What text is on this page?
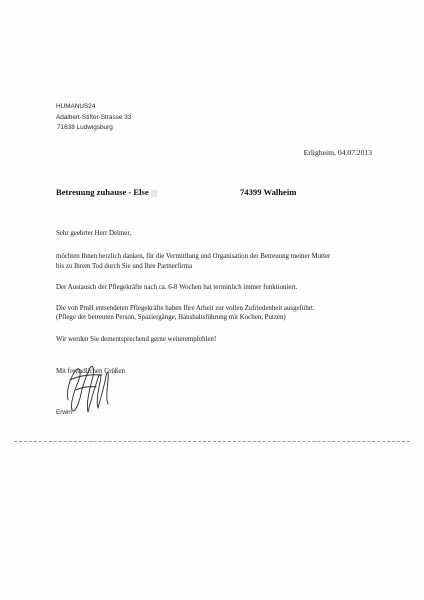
HUMANUS24
Adalbert-Stifter-Strasse 33
71638 Ludwigsburg
Erligheim, 04.07.2013
Betreuung zuhause - Else	74399 Walheim

Sehr geehrter Herr Delmer,

möchten Ihnen herzlich danken, für die Vermittlung und Organisation der Betreuung meiner Mutter

bis zu Ihrem Tod durch Sie und Ihre Partnerfirma

Der Austausch der Pflegekräfte nach ca. 6-8 Wochen hat terminlich immer funktioniert.

Die von PmH entsendeten Pflegekräfte haben Ihre Arbeit zur vollen Zufriedenheit ausgeführt.

(Pflege der betreuten Person, Spaziergänge, Haushaltsführung mit Kochen, Putzen)

Wir werden Sie dementsprechend gerne weiterempfehlen!

Mit freundlichen Grüßen
Erwin
